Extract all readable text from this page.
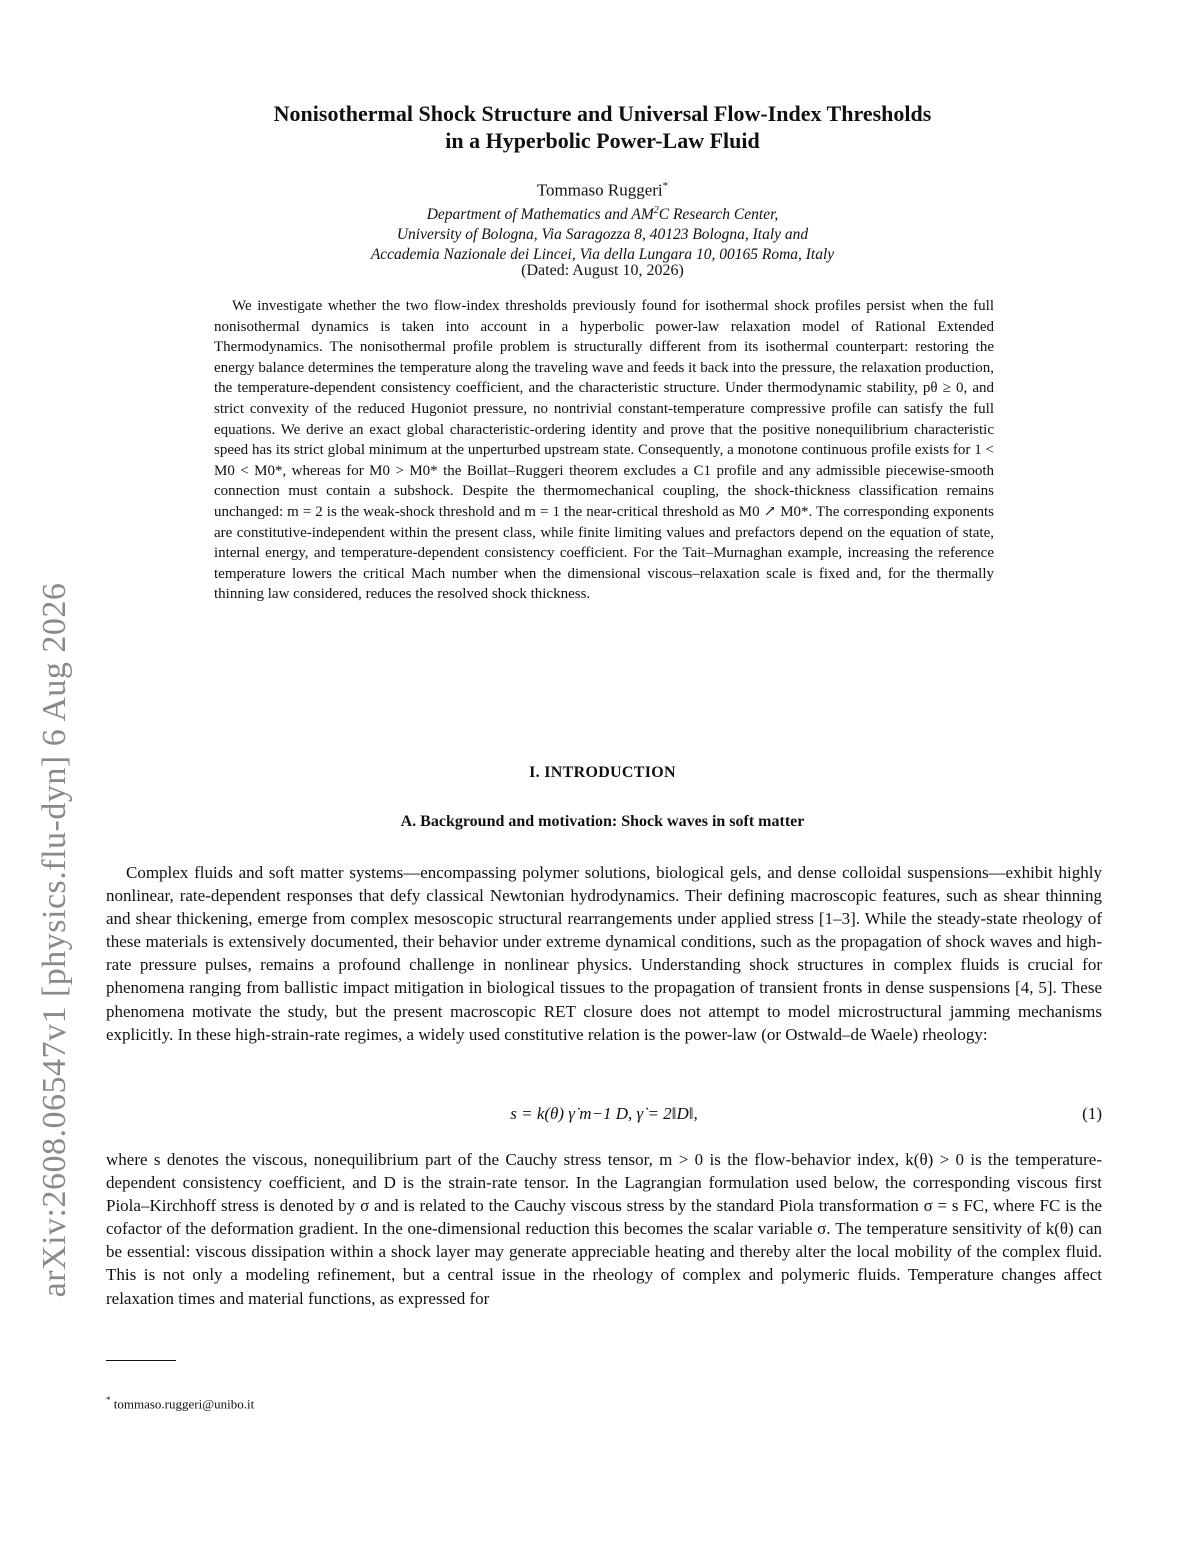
arXiv:2608.06547v1 [physics.flu-dyn] 6 Aug 2026
Nonisothermal Shock Structure and Universal Flow-Index Thresholds
in a Hyperbolic Power-Law Fluid
Tommaso Ruggeri*
Department of Mathematics and $AM^2C$ Research Center,
University of Bologna, Via Saragozza 8, 40123 Bologna, Italy and
Accademia Nazionale dei Lincei, Via della Lungara 10, 00165 Roma, Italy
(Dated: August 10, 2026)
We investigate whether the two flow-index thresholds previously found for isothermal shock profiles persist when the full nonisothermal dynamics is taken into account in a hyperbolic power-law relaxation model of Rational Extended Thermodynamics. The nonisothermal profile problem is structurally different from its isothermal counterpart: restoring the energy balance determines the temperature along the traveling wave and feeds it back into the pressure, the relaxation production, the temperature-dependent consistency coefficient, and the characteristic structure. Under thermodynamic stability, pθ ≥ 0, and strict convexity of the reduced Hugoniot pressure, no nontrivial constant-temperature compressive profile can satisfy the full equations. We derive an exact global characteristic-ordering identity and prove that the positive nonequilibrium characteristic speed has its strict global minimum at the unperturbed upstream state. Consequently, a monotone continuous profile exists for 1 < M0 < M0*, whereas for M0 > M0* the Boillat–Ruggeri theorem excludes a C1 profile and any admissible piecewise-smooth connection must contain a subshock. Despite the thermomechanical coupling, the shock-thickness classification remains unchanged: m = 2 is the weak-shock threshold and m = 1 the near-critical threshold as M0 ↗ M0*. The corresponding exponents are constitutive-independent within the present class, while finite limiting values and prefactors depend on the equation of state, internal energy, and temperature-dependent consistency coefficient. For the Tait–Murnaghan example, increasing the reference temperature lowers the critical Mach number when the dimensional viscous–relaxation scale is fixed and, for the thermally thinning law considered, reduces the resolved shock thickness.
I. INTRODUCTION
A. Background and motivation: Shock waves in soft matter
Complex fluids and soft matter systems—encompassing polymer solutions, biological gels, and dense colloidal suspensions—exhibit highly nonlinear, rate-dependent responses that defy classical Newtonian hydrodynamics. Their defining macroscopic features, such as shear thinning and shear thickening, emerge from complex mesoscopic structural rearrangements under applied stress [1–3]. While the steady-state rheology of these materials is extensively documented, their behavior under extreme dynamical conditions, such as the propagation of shock waves and high-rate pressure pulses, remains a profound challenge in nonlinear physics. Understanding shock structures in complex fluids is crucial for phenomena ranging from ballistic impact mitigation in biological tissues to the propagation of transient fronts in dense suspensions [4, 5]. These phenomena motivate the study, but the present macroscopic RET closure does not attempt to model microstructural jamming mechanisms explicitly. In these high-strain-rate regimes, a widely used constitutive relation is the power-law (or Ostwald–de Waele) rheology:
s = k(θ) γ̇ m−1 D, γ̇ = 2‖D‖,	(1)
where s denotes the viscous, nonequilibrium part of the Cauchy stress tensor, m > 0 is the flow-behavior index, k(θ) > 0 is the temperature-dependent consistency coefficient, and D is the strain-rate tensor. In the Lagrangian formulation used below, the corresponding viscous first Piola–Kirchhoff stress is denoted by σ and is related to the Cauchy viscous stress by the standard Piola transformation σ = s FC, where FC is the cofactor of the deformation gradient. In the one-dimensional reduction this becomes the scalar variable σ. The temperature sensitivity of k(θ) can be essential: viscous dissipation within a shock layer may generate appreciable heating and thereby alter the local mobility of the complex fluid. This is not only a modeling refinement, but a central issue in the rheology of complex and polymeric fluids. Temperature changes affect relaxation times and material functions, as expressed for
* tommaso.ruggeri@unibo.it
